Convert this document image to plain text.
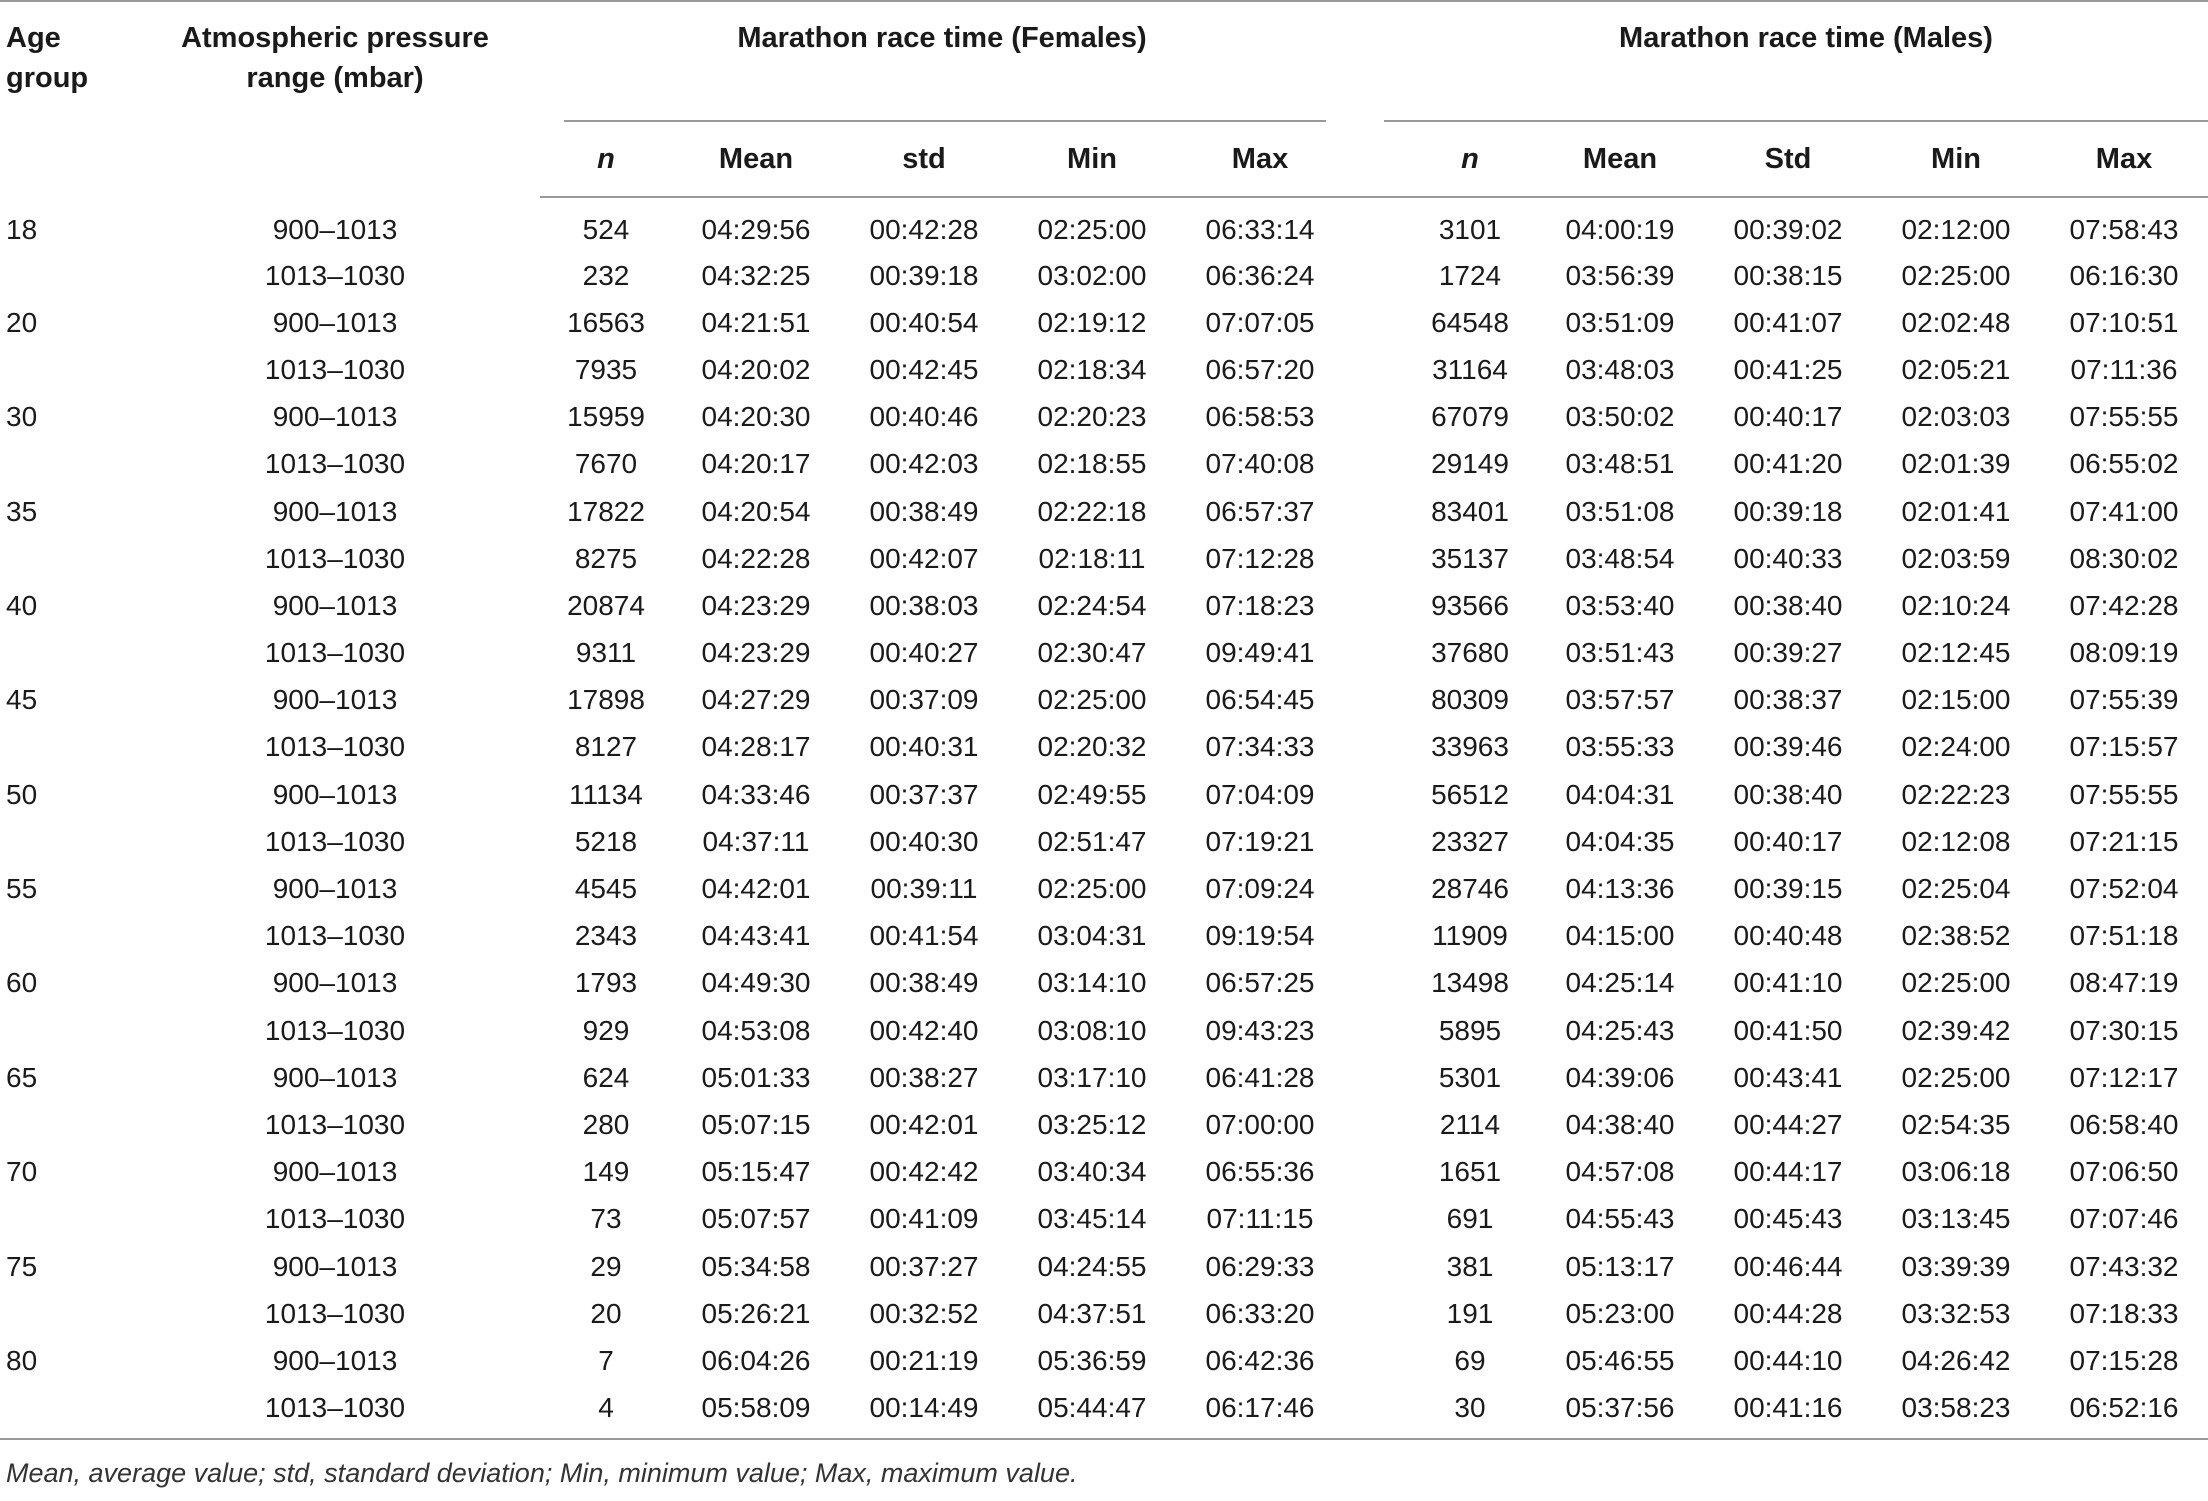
Age
group	Atmospheric pressure
range (mbar)	Marathon race time (Females)						Marathon race time (Males)				

		n	Mean	std	Min	Max		n	Mean	Std	Min	Max
18	900–1013	524	04:29:56	00:42:28	02:25:00	06:33:14		3101	04:00:19	00:39:02	02:12:00	07:58:43
	1013–1030	232	04:32:25	00:39:18	03:02:00	06:36:24		1724	03:56:39	00:38:15	02:25:00	06:16:30
20	900–1013	16563	04:21:51	00:40:54	02:19:12	07:07:05		64548	03:51:09	00:41:07	02:02:48	07:10:51
	1013–1030	7935	04:20:02	00:42:45	02:18:34	06:57:20		31164	03:48:03	00:41:25	02:05:21	07:11:36
30	900–1013	15959	04:20:30	00:40:46	02:20:23	06:58:53		67079	03:50:02	00:40:17	02:03:03	07:55:55
	1013–1030	7670	04:20:17	00:42:03	02:18:55	07:40:08		29149	03:48:51	00:41:20	02:01:39	06:55:02
35	900–1013	17822	04:20:54	00:38:49	02:22:18	06:57:37		83401	03:51:08	00:39:18	02:01:41	07:41:00
	1013–1030	8275	04:22:28	00:42:07	02:18:11	07:12:28		35137	03:48:54	00:40:33	02:03:59	08:30:02
40	900–1013	20874	04:23:29	00:38:03	02:24:54	07:18:23		93566	03:53:40	00:38:40	02:10:24	07:42:28
	1013–1030	9311	04:23:29	00:40:27	02:30:47	09:49:41		37680	03:51:43	00:39:27	02:12:45	08:09:19
45	900–1013	17898	04:27:29	00:37:09	02:25:00	06:54:45		80309	03:57:57	00:38:37	02:15:00	07:55:39
	1013–1030	8127	04:28:17	00:40:31	02:20:32	07:34:33		33963	03:55:33	00:39:46	02:24:00	07:15:57
50	900–1013	11134	04:33:46	00:37:37	02:49:55	07:04:09		56512	04:04:31	00:38:40	02:22:23	07:55:55
	1013–1030	5218	04:37:11	00:40:30	02:51:47	07:19:21		23327	04:04:35	00:40:17	02:12:08	07:21:15
55	900–1013	4545	04:42:01	00:39:11	02:25:00	07:09:24		28746	04:13:36	00:39:15	02:25:04	07:52:04
	1013–1030	2343	04:43:41	00:41:54	03:04:31	09:19:54		11909	04:15:00	00:40:48	02:38:52	07:51:18
60	900–1013	1793	04:49:30	00:38:49	03:14:10	06:57:25		13498	04:25:14	00:41:10	02:25:00	08:47:19
	1013–1030	929	04:53:08	00:42:40	03:08:10	09:43:23		5895	04:25:43	00:41:50	02:39:42	07:30:15
65	900–1013	624	05:01:33	00:38:27	03:17:10	06:41:28		5301	04:39:06	00:43:41	02:25:00	07:12:17
	1013–1030	280	05:07:15	00:42:01	03:25:12	07:00:00		2114	04:38:40	00:44:27	02:54:35	06:58:40
70	900–1013	149	05:15:47	00:42:42	03:40:34	06:55:36		1651	04:57:08	00:44:17	03:06:18	07:06:50
	1013–1030	73	05:07:57	00:41:09	03:45:14	07:11:15		691	04:55:43	00:45:43	03:13:45	07:07:46
75	900–1013	29	05:34:58	00:37:27	04:24:55	06:29:33		381	05:13:17	00:46:44	03:39:39	07:43:32
	1013–1030	20	05:26:21	00:32:52	04:37:51	06:33:20		191	05:23:00	00:44:28	03:32:53	07:18:33
80	900–1013	7	06:04:26	00:21:19	05:36:59	06:42:36		69	05:46:55	00:44:10	04:26:42	07:15:28
	1013–1030	4	05:58:09	00:14:49	05:44:47	06:17:46		30	05:37:56	00:41:16	03:58:23	06:52:16
Mean, average value; std, standard deviation; Min, minimum value; Max, maximum value.
